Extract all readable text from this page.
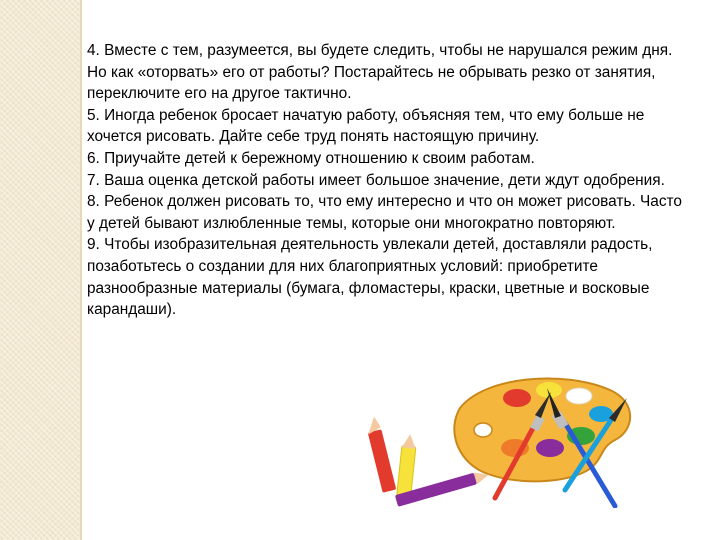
4. Вместе с тем, разумеется, вы будете следить, чтобы не нарушался режим дня. Но как «оторвать» его от работы? Постарайтесь не обрывать резко от занятия, переключите его на другое тактично.

5. Иногда ребенок бросает начатую работу, объясняя тем, что ему больше не хочется рисовать. Дайте себе труд понять настоящую причину.

6. Приучайте детей к бережному отношению к своим работам.

7. Ваша оценка детской работы имеет большое значение, дети ждут одобрения.

8. Ребенок должен рисовать то, что ему интересно и что он может рисовать. Часто у детей бывают излюбленные темы, которые они многократно повторяют.

9. Чтобы изобразительная деятельность увлекали детей, доставляли радость, позаботьтесь о создании для них благоприятных условий: приобретите разнообразные материалы (бумага, фломастеры, краски, цветные и восковые карандаши).
